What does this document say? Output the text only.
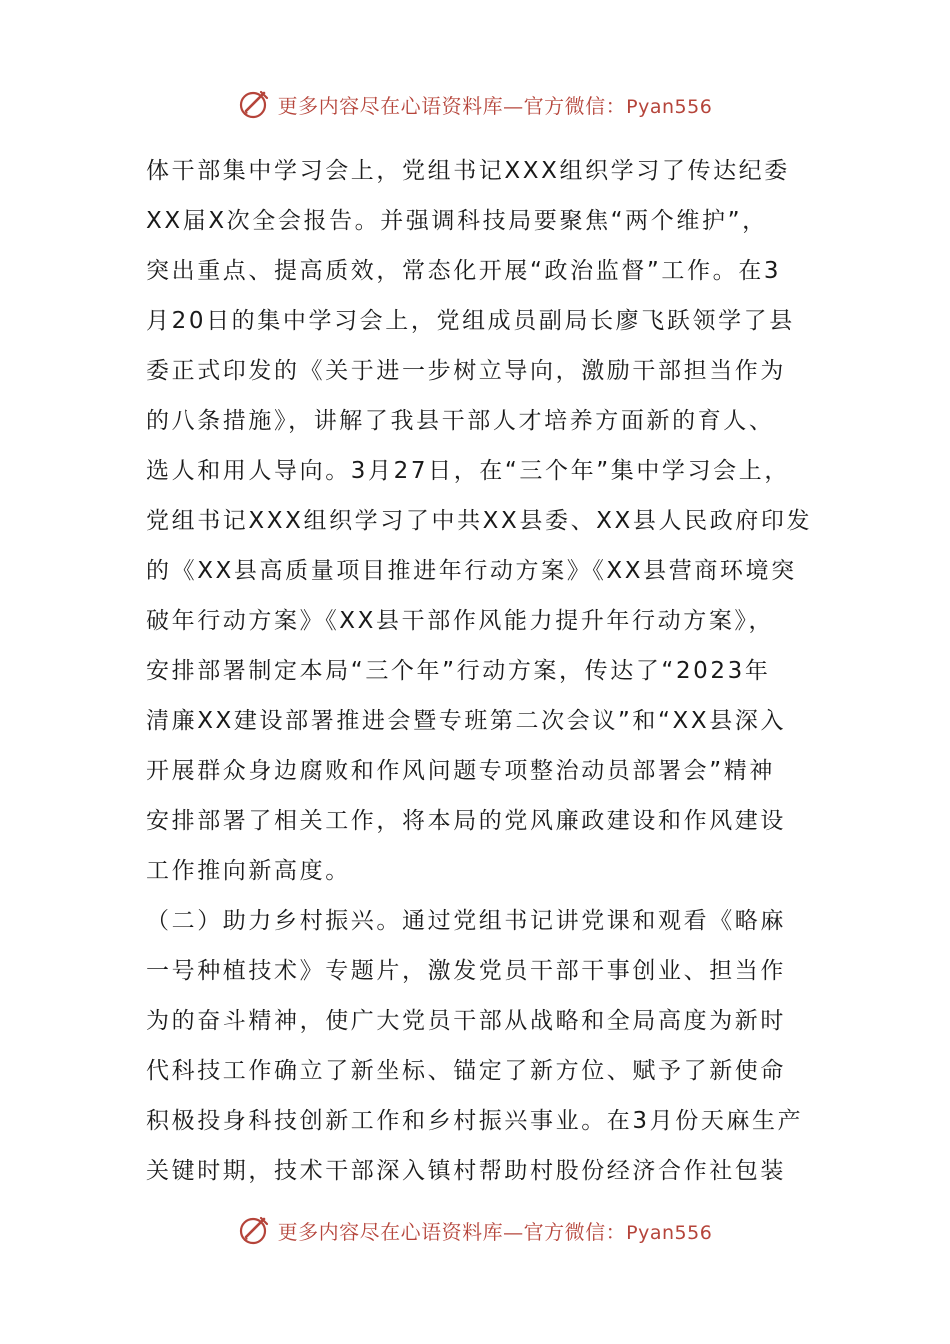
更多内容尽在心语资料库—官方微信：Pyan556
体干部集中学习会上，党组书记XXX组织学习了传达纪委
XX届X次全会报告。并强调科技局要聚焦“两个维护”，
突出重点、提高质效，常态化开展“政治监督”工作。在3
月20日的集中学习会上，党组成员副局长廖飞跃领学了县
委正式印发的《关于进一步树立导向，激励干部担当作为
的八条措施》，讲解了我县干部人才培养方面新的育人、
选人和用人导向。3月27日，在“三个年”集中学习会上，
党组书记XXX组织学习了中共XX县委、XX县人民政府印发
的《XX县高质量项目推进年行动方案》《XX县营商环境突
破年行动方案》《XX县干部作风能力提升年行动方案》，
安排部署制定本局“三个年”行动方案，传达了“2023年
清廉XX建设部署推进会暨专班第二次会议”和“XX县深入
开展群众身边腐败和作风问题专项整治动员部署会”精神
安排部署了相关工作，将本局的党风廉政建设和作风建设
工作推向新高度。
（二）助力乡村振兴。通过党组书记讲党课和观看《略麻
一号种植技术》专题片，激发党员干部干事创业、担当作
为的奋斗精神，使广大党员干部从战略和全局高度为新时
代科技工作确立了新坐标、锚定了新方位、赋予了新使命
积极投身科技创新工作和乡村振兴事业。在3月份天麻生产
关键时期，技术干部深入镇村帮助村股份经济合作社包装
更多内容尽在心语资料库—官方微信：Pyan556
